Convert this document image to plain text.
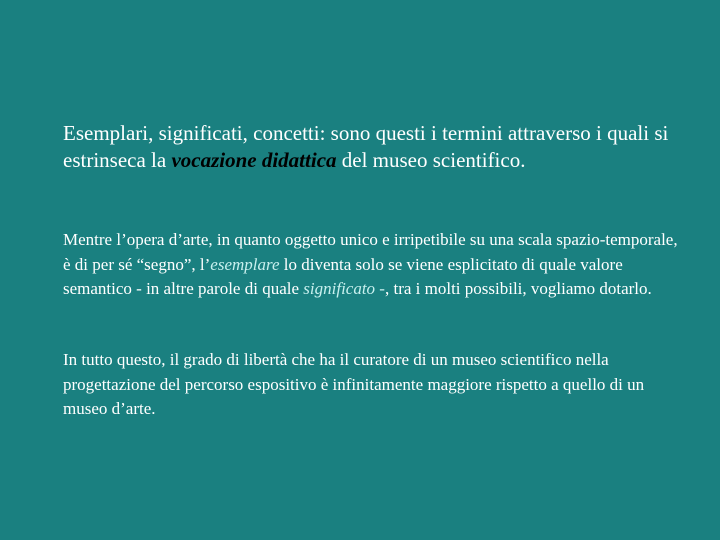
Esemplari, significati, concetti: sono questi i termini attraverso i quali si estrinseca la vocazione didattica del museo scientifico.

Mentre l’opera d’arte, in quanto oggetto unico e irripetibile su una scala spazio-temporale, è di per sé “segno”, l’esemplare lo diventa solo se viene esplicitato di quale valore semantico - in altre parole di quale significato -, tra i molti possibili, vogliamo dotarlo.

In tutto questo, il grado di libertà che ha il curatore di un museo scientifico nella progettazione del percorso espositivo è infinitamente maggiore rispetto a quello di un museo d’arte.
